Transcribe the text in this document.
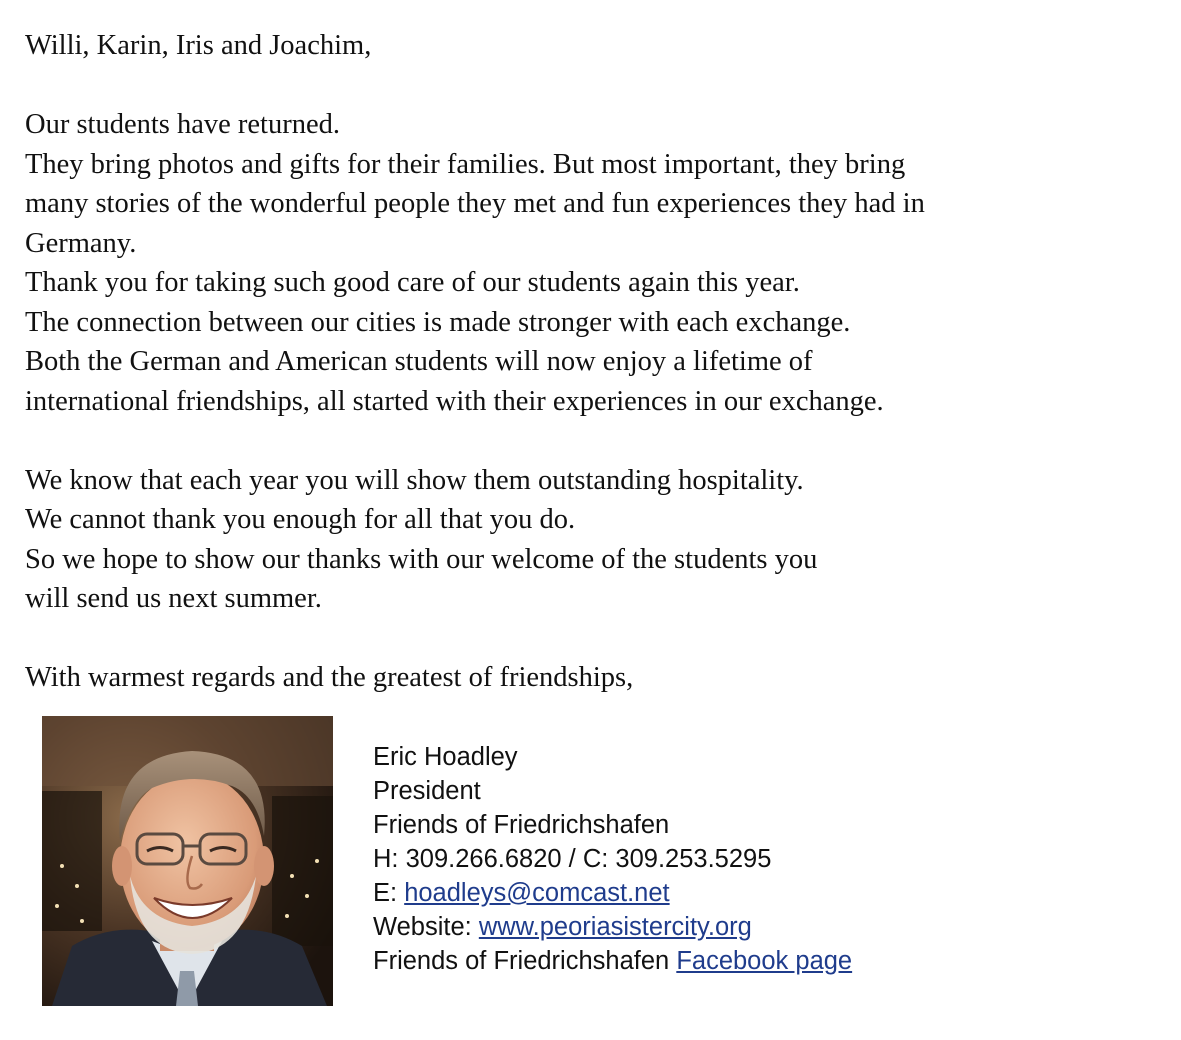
Willi, Karin, Iris and Joachim,

Our students have returned.

They bring photos and gifts for their families. But most important, they bring

many stories of the wonderful people they met and fun experiences they had in

Germany.

Thank you for taking such good care of our students again this year.

The connection between our cities is made stronger with each exchange.

Both the German and American students will now enjoy a lifetime of

international friendships, all started with their experiences in our exchange.

We know that each year you will show them outstanding hospitality.

We cannot thank you enough for all that you do.

So we hope to show our thanks with our welcome of the students you

will send us next summer.

With warmest regards and the greatest of friendships,

Eric Hoadley
President
Friends of Friedrichshafen
H: 309.266.6820 / C: 309.253.5295
E: hoadleys@comcast.net
Website: www.peoriasistercity.org
Friends of Friedrichshafen Facebook page
